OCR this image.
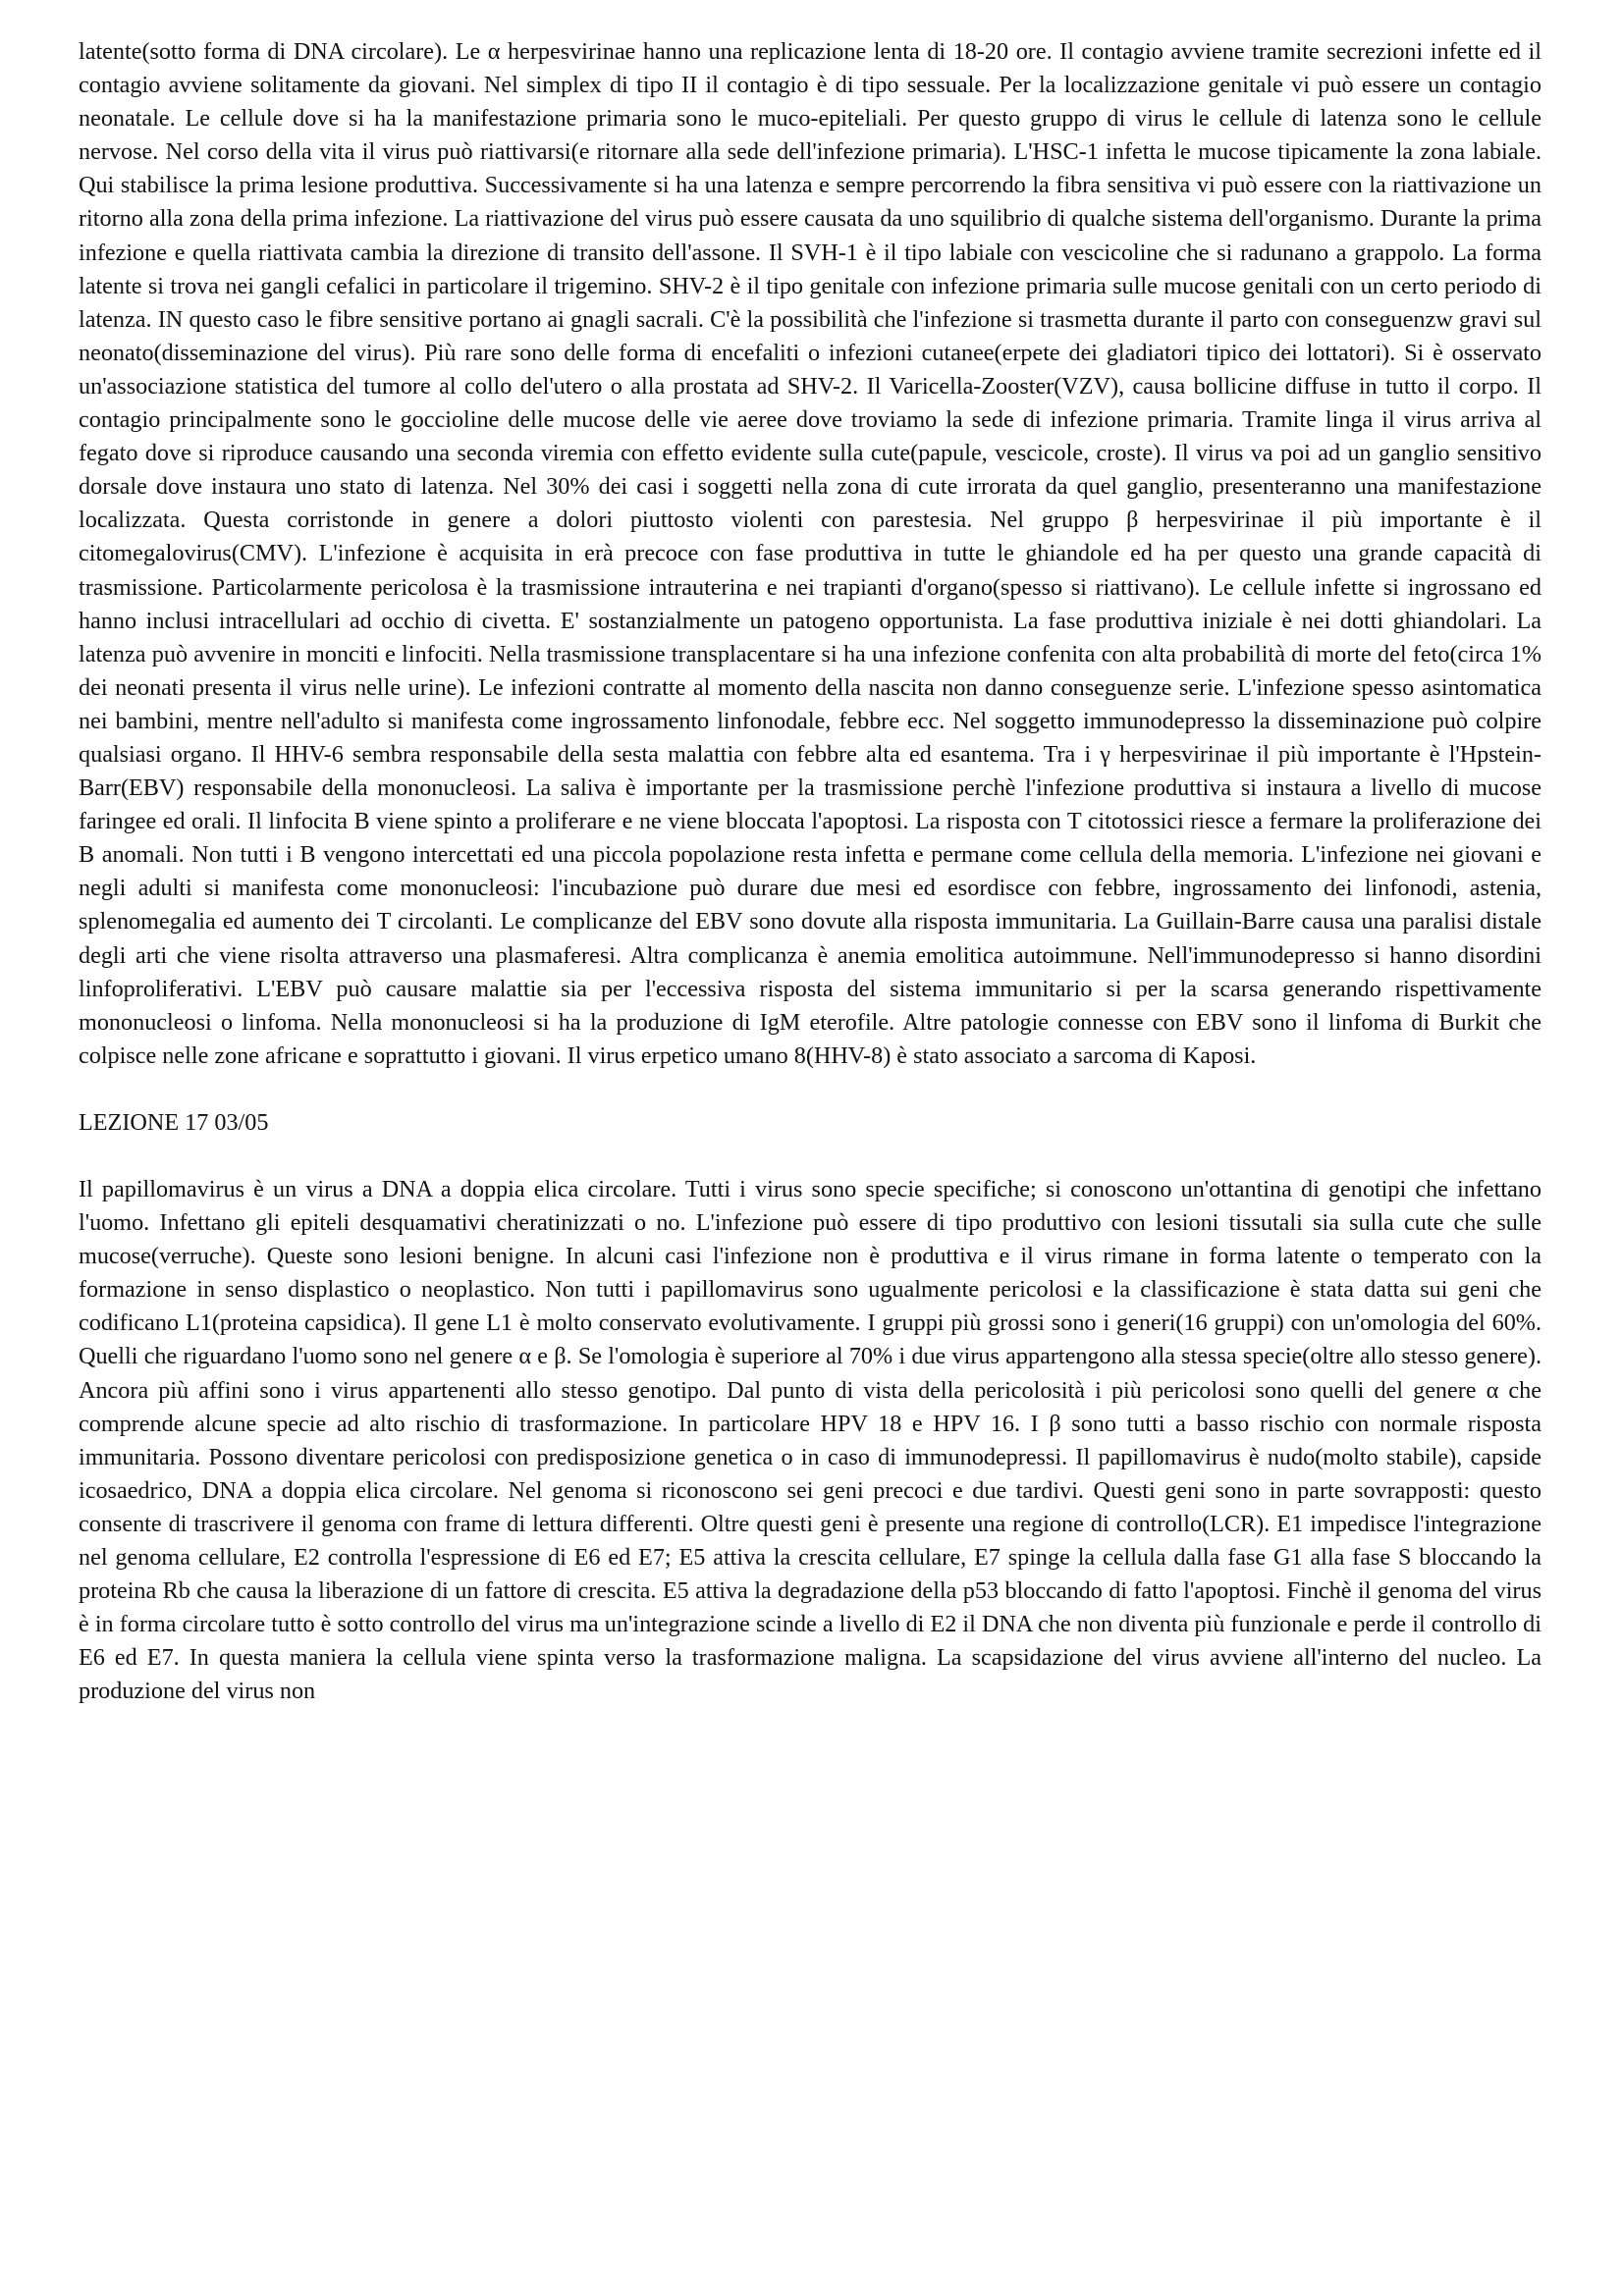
latente(sotto forma di DNA circolare). Le α herpesvirinae hanno una replicazione lenta di 18-20 ore. Il contagio avviene tramite secrezioni infette ed il contagio avviene solitamente da giovani. Nel simplex di tipo II il contagio è di tipo sessuale. Per la localizzazione genitale vi può essere un contagio neonatale. Le cellule dove si ha la manifestazione primaria sono le muco-epiteliali. Per questo gruppo di virus le cellule di latenza sono le cellule nervose. Nel corso della vita il virus può riattivarsi(e ritornare alla sede dell'infezione primaria). L'HSC-1 infetta le mucose tipicamente la zona labiale. Qui stabilisce la prima lesione produttiva. Successivamente si ha una latenza e sempre percorrendo la fibra sensitiva vi può essere con la riattivazione un ritorno alla zona della prima infezione. La riattivazione del virus può essere causata da uno squilibrio di qualche sistema dell'organismo. Durante la prima infezione e quella riattivata cambia la direzione di transito dell'assone. Il SVH-1 è il tipo labiale con vescicoline che si radunano a grappolo. La forma latente si trova nei gangli cefalici in particolare il trigemino. SHV-2 è il tipo genitale con infezione primaria sulle mucose genitali con un certo periodo di latenza. IN questo caso le fibre sensitive portano ai gnagli sacrali. C'è la possibilità che l'infezione si trasmetta durante il parto con conseguenzw gravi sul neonato(disseminazione del virus). Più rare sono delle forma di encefaliti o infezioni cutanee(erpete dei gladiatori tipico dei lottatori). Si è osservato un'associazione statistica del tumore al collo del'utero o alla prostata ad SHV-2. Il Varicella-Zooster(VZV), causa bollicine diffuse in tutto il corpo. Il contagio principalmente sono le goccioline delle mucose delle vie aeree dove troviamo la sede di infezione primaria. Tramite linga il virus arriva al fegato dove si riproduce causando una seconda viremia con effetto evidente sulla cute(papule, vescicole, croste). Il virus va poi ad un ganglio sensitivo dorsale dove instaura uno stato di latenza. Nel 30% dei casi i soggetti nella zona di cute irrorata da quel ganglio, presenteranno una manifestazione localizzata. Questa corristonde in genere a dolori piuttosto violenti con parestesia. Nel gruppo β herpesvirinae il più importante è il citomegalovirus(CMV). L'infezione è acquisita in erà precoce con fase produttiva in tutte le ghiandole ed ha per questo una grande capacità di trasmissione. Particolarmente pericolosa è la trasmissione intrauterina e nei trapianti d'organo(spesso si riattivano). Le cellule infette si ingrossano ed hanno inclusi intracellulari ad occhio di civetta. E' sostanzialmente un patogeno opportunista. La fase produttiva iniziale è nei dotti ghiandolari. La latenza può avvenire in monciti e linfociti. Nella trasmissione transplacentare si ha una infezione confenita con alta probabilità di morte del feto(circa 1% dei neonati presenta il virus nelle urine). Le infezioni contratte al momento della nascita non danno conseguenze serie. L'infezione spesso asintomatica nei bambini, mentre nell'adulto si manifesta come ingrossamento linfonodale, febbre ecc. Nel soggetto immunodepresso la disseminazione può colpire qualsiasi organo. Il HHV-6 sembra responsabile della sesta malattia con febbre alta ed esantema. Tra i γ herpesvirinae il più importante è l'Hpstein-Barr(EBV) responsabile della mononucleosi. La saliva è importante per la trasmissione perchè l'infezione produttiva si instaura a livello di mucose faringee ed orali. Il linfocita B viene spinto a proliferare e ne viene bloccata l'apoptosi. La risposta con T citotossici riesce a fermare la proliferazione dei B anomali. Non tutti i B vengono intercettati ed una piccola popolazione resta infetta e permane come cellula della memoria. L'infezione nei giovani e negli adulti si manifesta come mononucleosi: l'incubazione può durare due mesi ed esordisce con febbre, ingrossamento dei linfonodi, astenia, splenomegalia ed aumento dei T circolanti. Le complicanze del EBV sono dovute alla risposta immunitaria. La Guillain-Barre causa una paralisi distale degli arti che viene risolta attraverso una plasmaferesi. Altra complicanza è anemia emolitica autoimmune. Nell'immunodepresso si hanno disordini linfoproliferativi. L'EBV può causare malattie sia per l'eccessiva risposta del sistema immunitario si per la scarsa generando rispettivamente mononucleosi o linfoma. Nella mononucleosi si ha la produzione di IgM eterofile. Altre patologie connesse con EBV sono il linfoma di Burkit che colpisce nelle zone africane e soprattutto i giovani. Il virus erpetico umano 8(HHV-8) è stato associato a sarcoma di Kaposi.

LEZIONE 17 03/05

Il papillomavirus è un virus a DNA a doppia elica circolare. Tutti i virus sono specie specifiche; si conoscono un'ottantina di genotipi che infettano l'uomo. Infettano gli epiteli desquamativi cheratinizzati o no. L'infezione può essere di tipo produttivo con lesioni tissutali sia sulla cute che sulle mucose(verruche). Queste sono lesioni benigne. In alcuni casi l'infezione non è produttiva e il virus rimane in forma latente o temperato con la formazione in senso displastico o neoplastico. Non tutti i papillomavirus sono ugualmente pericolosi e la classificazione è stata datta sui geni che codificano L1(proteina capsidica). Il gene L1 è molto conservato evolutivamente. I gruppi più grossi sono i generi(16 gruppi) con un'omologia del 60%. Quelli che riguardano l'uomo sono nel genere α e β. Se l'omologia è superiore al 70% i due virus appartengono alla stessa specie(oltre allo stesso genere). Ancora più affini sono i virus appartenenti allo stesso genotipo. Dal punto di vista della pericolosità i più pericolosi sono quelli del genere α che comprende alcune specie ad alto rischio di trasformazione. In particolare HPV 18 e HPV 16. I β sono tutti a basso rischio con normale risposta immunitaria. Possono diventare pericolosi con predisposizione genetica o in caso di immunodepressi. Il papillomavirus è nudo(molto stabile), capside icosaedrico, DNA a doppia elica circolare. Nel genoma si riconoscono sei geni precoci e due tardivi. Questi geni sono in parte sovrapposti: questo consente di trascrivere il genoma con frame di lettura differenti. Oltre questi geni è presente una regione di controllo(LCR). E1 impedisce l'integrazione nel genoma cellulare, E2 controlla l'espressione di E6 ed E7; E5 attiva la crescita cellulare, E7 spinge la cellula dalla fase G1 alla fase S bloccando la proteina Rb che causa la liberazione di un fattore di crescita. E5 attiva la degradazione della p53 bloccando di fatto l'apoptosi. Finchè il genoma del virus è in forma circolare tutto è sotto controllo del virus ma un'integrazione scinde a livello di E2 il DNA che non diventa più funzionale e perde il controllo di E6 ed E7. In questa maniera la cellula viene spinta verso la trasformazione maligna. La scapsidazione del virus avviene all'interno del nucleo. La produzione del virus non
